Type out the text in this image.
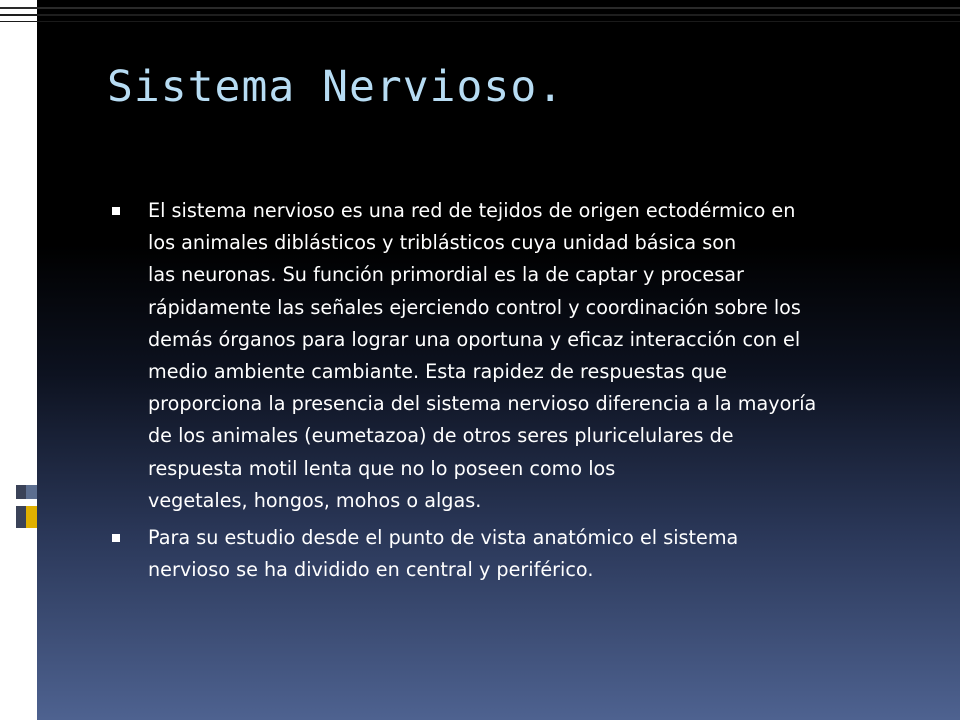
Sistema Nervioso.
El sistema nervioso es una red de tejidos de origen ectodérmico en
los animales diblásticos y triblásticos cuya unidad básica son
las neuronas. Su función primordial es la de captar y procesar
rápidamente las señales ejerciendo control y coordinación sobre los
demás órganos para lograr una oportuna y eficaz interacción con el
medio ambiente cambiante. Esta rapidez de respuestas que
proporciona la presencia del sistema nervioso diferencia a la mayoría
de los animales (eumetazoa) de otros seres pluricelulares de
respuesta motil lenta que no lo poseen como los
vegetales, hongos, mohos o algas.
Para su estudio desde el punto de vista anatómico el sistema
nervioso se ha dividido en central y periférico.
